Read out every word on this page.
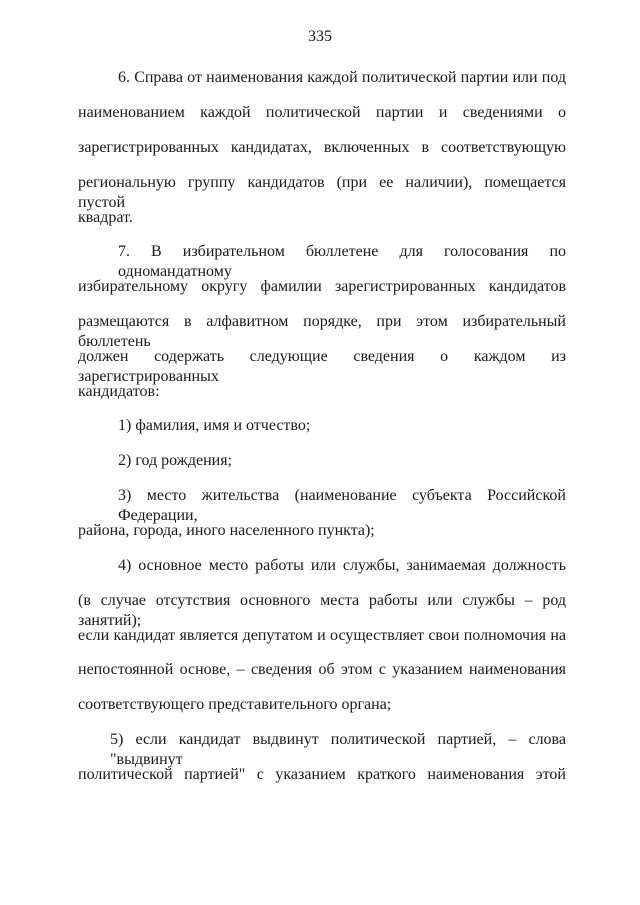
335
6. Справа от наименования каждой политической партии или под
наименованием каждой политической партии и сведениями о
зарегистрированных кандидатах, включенных в соответствующую
региональную группу кандидатов (при ее наличии), помещается пустой
квадрат.
7. В избирательном бюллетене для голосования по одномандатному
избирательному округу фамилии зарегистрированных кандидатов
размещаются в алфавитном порядке, при этом избирательный бюллетень
должен содержать следующие сведения о каждом из зарегистрированных
кандидатов:
1) фамилия, имя и отчество;
2) год рождения;
3) место жительства (наименование субъекта Российской Федерации,
района, города, иного населенного пункта);
4) основное место работы или службы, занимаемая должность
(в случае отсутствия основного места работы или службы – род занятий);
если кандидат является депутатом и осуществляет свои полномочия на
непостоянной основе, – сведения об этом с указанием наименования
соответствующего представительного органа;
5) если кандидат выдвинут политической партией, – слова "выдвинут
политической партией" с указанием краткого наименования этой
